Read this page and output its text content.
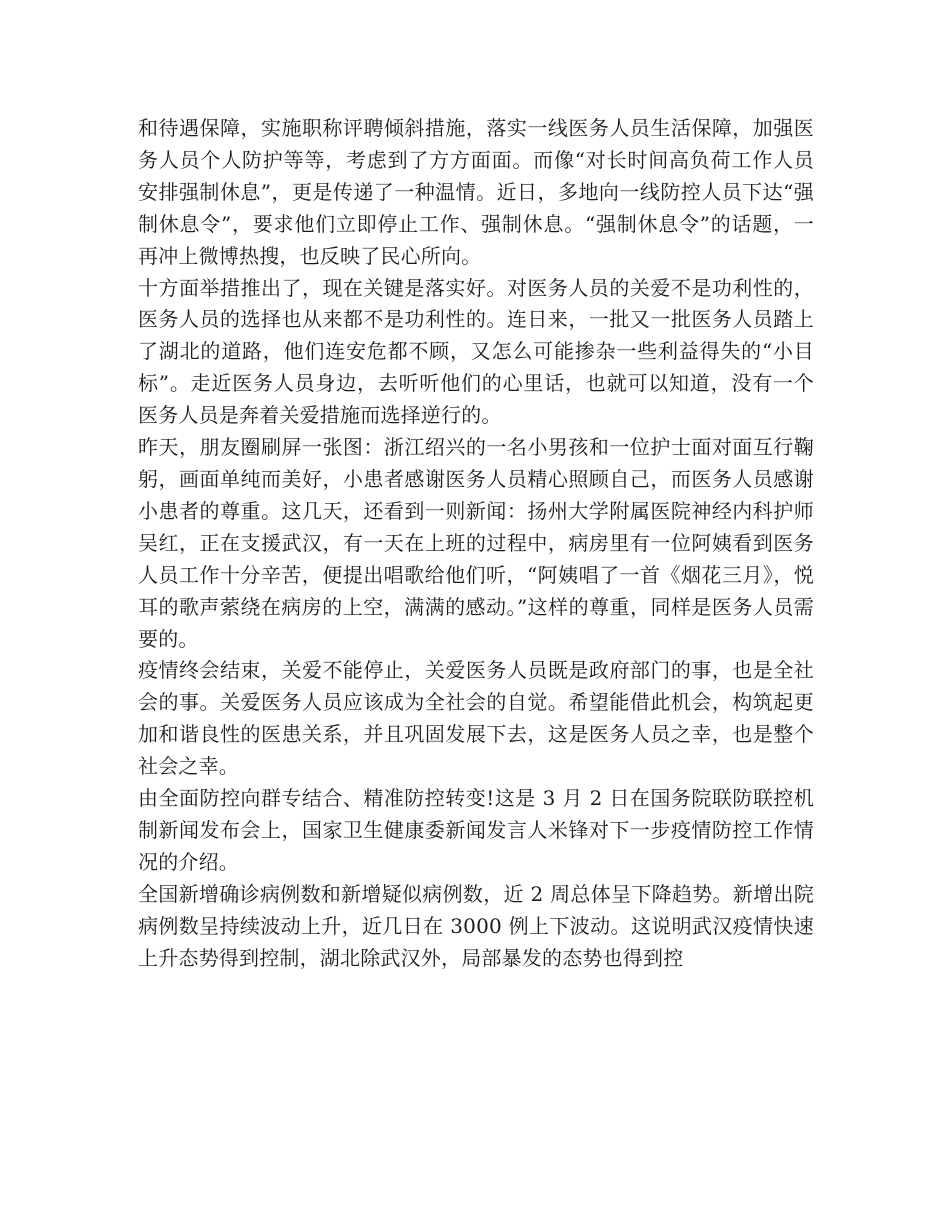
和待遇保障，实施职称评聘倾斜措施，落实一线医务人员生活保障，加强医务人员个人防护等等，考虑到了方方面面。而像“对长时间高负荷工作人员安排强制休息”，更是传递了一种温情。近日，多地向一线防控人员下达“强制休息令”，要求他们立即停止工作、强制休息。“强制休息令”的话题，一再冲上微博热搜，也反映了民心所向。

十方面举措推出了，现在关键是落实好。对医务人员的关爱不是功利性的，医务人员的选择也从来都不是功利性的。连日来，一批又一批医务人员踏上了湖北的道路，他们连安危都不顾，又怎么可能掺杂一些利益得失的“小目标”。走近医务人员身边，去听听他们的心里话，也就可以知道，没有一个医务人员是奔着关爱措施而选择逆行的。

昨天，朋友圈刷屏一张图：浙江绍兴的一名小男孩和一位护士面对面互行鞠躬，画面单纯而美好，小患者感谢医务人员精心照顾自己，而医务人员感谢小患者的尊重。这几天，还看到一则新闻：扬州大学附属医院神经内科护师吴红，正在支援武汉，有一天在上班的过程中，病房里有一位阿姨看到医务人员工作十分辛苦，便提出唱歌给他们听，“阿姨唱了一首《烟花三月》，悦耳的歌声萦绕在病房的上空，满满的感动。”这样的尊重，同样是医务人员需要的。

疫情终会结束，关爱不能停止，关爱医务人员既是政府部门的事，也是全社会的事。关爱医务人员应该成为全社会的自觉。希望能借此机会，构筑起更加和谐良性的医患关系，并且巩固发展下去，这是医务人员之幸，也是整个社会之幸。

由全面防控向群专结合、精准防控转变!这是 3 月 2 日在国务院联防联控机制新闻发布会上，国家卫生健康委新闻发言人米锋对下一步疫情防控工作情况的介绍。

全国新增确诊病例数和新增疑似病例数，近 2 周总体呈下降趋势。新增出院病例数呈持续波动上升，近几日在 3000 例上下波动。这说明武汉疫情快速上升态势得到控制，湖北除武汉外，局部暴发的态势也得到控
